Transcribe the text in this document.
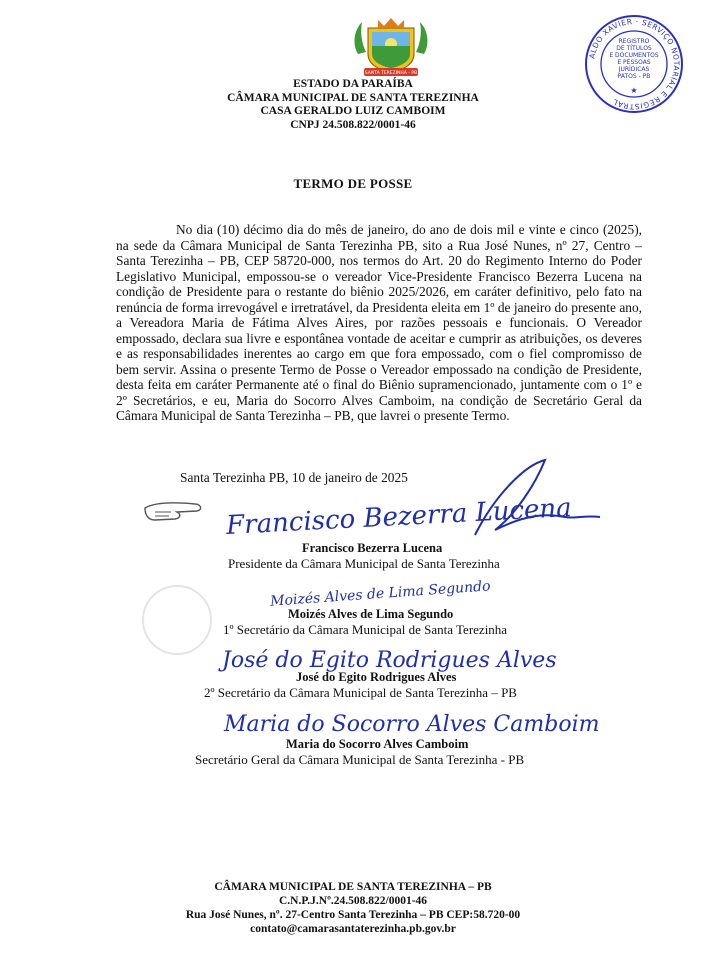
SANTA TEREZINHA - PB
ALDO XAVIER · SERVIÇO NOTARIAL E REGISTRAL
REGISTRO
DE TÍTULOS
E DOCUMENTOS
E PESSOAS
JURÍDICAS
PATOS - PB
★
ESTADO DA PARAÍBA
CÂMARA MUNICIPAL DE SANTA TEREZINHA
CASA GERALDO LUIZ CAMBOIM
CNPJ 24.508.822/0001-46
TERMO DE POSSE

No dia (10) décimo dia do mês de janeiro, do ano de dois mil e vinte e cinco (2025), na sede da Câmara Municipal de Santa Terezinha PB, sito a Rua José Nunes, nº 27, Centro – Santa Terezinha – PB, CEP 58720-000, nos termos do Art. 20 do Regimento Interno do Poder Legislativo Municipal, empossou-se o vereador Vice-Presidente Francisco Bezerra Lucena na condição de Presidente para o restante do biênio 2025/2026, em caráter definitivo, pelo fato na renúncia de forma irrevogável e irretratável, da Presidenta eleita em 1º de janeiro do presente ano, a Vereadora Maria de Fátima Alves Aires, por razões pessoais e funcionais. O Vereador empossado, declara sua livre e espontânea vontade de aceitar e cumprir as atribuições, os deveres e as responsabilidades inerentes ao cargo em que fora empossado, com o fiel compromisso de bem servir. Assina o presente Termo de Posse o Vereador empossado na condição de Presidente, desta feita em caráter Permanente até o final do Biênio supramencionado, juntamente com o 1º e 2º Secretários, e eu, Maria do Socorro Alves Camboim, na condição de Secretário Geral da Câmara Municipal de Santa Terezinha – PB, que lavrei o presente Termo.

Santa Terezinha PB, 10 de janeiro de 2025
Francisco Bezerra Lucena
Francisco Bezerra Lucena
Presidente da Câmara Municipal de Santa Terezinha
Moizés Alves de Lima Segundo
Moizés Alves de Lima Segundo
1º Secretário da Câmara Municipal de Santa Terezinha
José do Egito Rodrigues Alves
José do Egito Rodrigues Alves
2º Secretário da Câmara Municipal de Santa Terezinha – PB
Maria do Socorro Alves Camboim
Maria do Socorro Alves Camboim
Secretário Geral da Câmara Municipal de Santa Terezinha - PB
CÂMARA MUNICIPAL DE SANTA TEREZINHA – PB
C.N.P.J.Nº.24.508.822/0001-46
Rua José Nunes, nº. 27-Centro Santa Terezinha – PB CEP:58.720-00
contato@camarasantaterezinha.pb.gov.br
